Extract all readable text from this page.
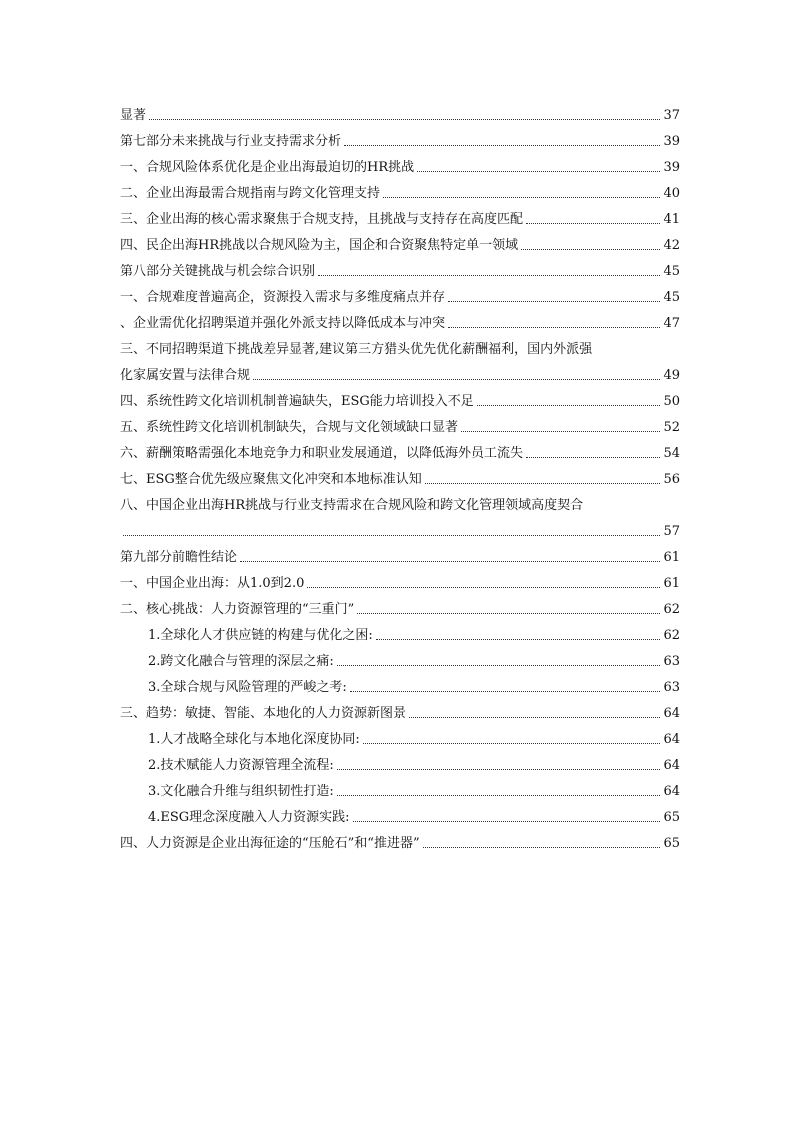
显著	37
第七部分未来挑战与行业支持需求分析	39
一、合规风险体系优化是企业出海最迫切的HR挑战	39
二、企业出海最需合规指南与跨文化管理支持	40
三、企业出海的核心需求聚焦于合规支持，且挑战与支持存在高度匹配	41
四、民企出海HR挑战以合规风险为主，国企和合资聚焦特定单一领域	42
第八部分关键挑战与机会综合识别	45
一、合规难度普遍高企，资源投入需求与多维度痛点并存	45
、企业需优化招聘渠道并强化外派支持以降低成本与冲突	47
三、不同招聘渠道下挑战差异显著,建议第三方猎头优先优化薪酬福利，国内外派强
化家属安置与法律合规	49
四、系统性跨文化培训机制普遍缺失，ESG能力培训投入不足	50
五、系统性跨文化培训机制缺失，合规与文化领域缺口显著	52
六、薪酬策略需强化本地竞争力和职业发展通道，以降低海外员工流失	54
七、ESG整合优先级应聚焦文化冲突和本地标准认知	56
八、中国企业出海HR挑战与行业支持需求在合规风险和跨文化管理领域高度契合
57
第九部分前瞻性结论	61
一、中国企业出海：从1.0到2.0	61
二、核心挑战：人力资源管理的“三重门”	62
1.全球化人才供应链的构建与优化之困:	62
2.跨文化融合与管理的深层之痛:	63
3.全球合规与风险管理的严峻之考:	63
三、趋势：敏捷、智能、本地化的人力资源新图景	64
1.人才战略全球化与本地化深度协同:	64
2.技术赋能人力资源管理全流程:	64
3.文化融合升维与组织韧性打造:	64
4.ESG理念深度融入人力资源实践:	65
四、人力资源是企业出海征途的“压舱石”和“推进器”	65
